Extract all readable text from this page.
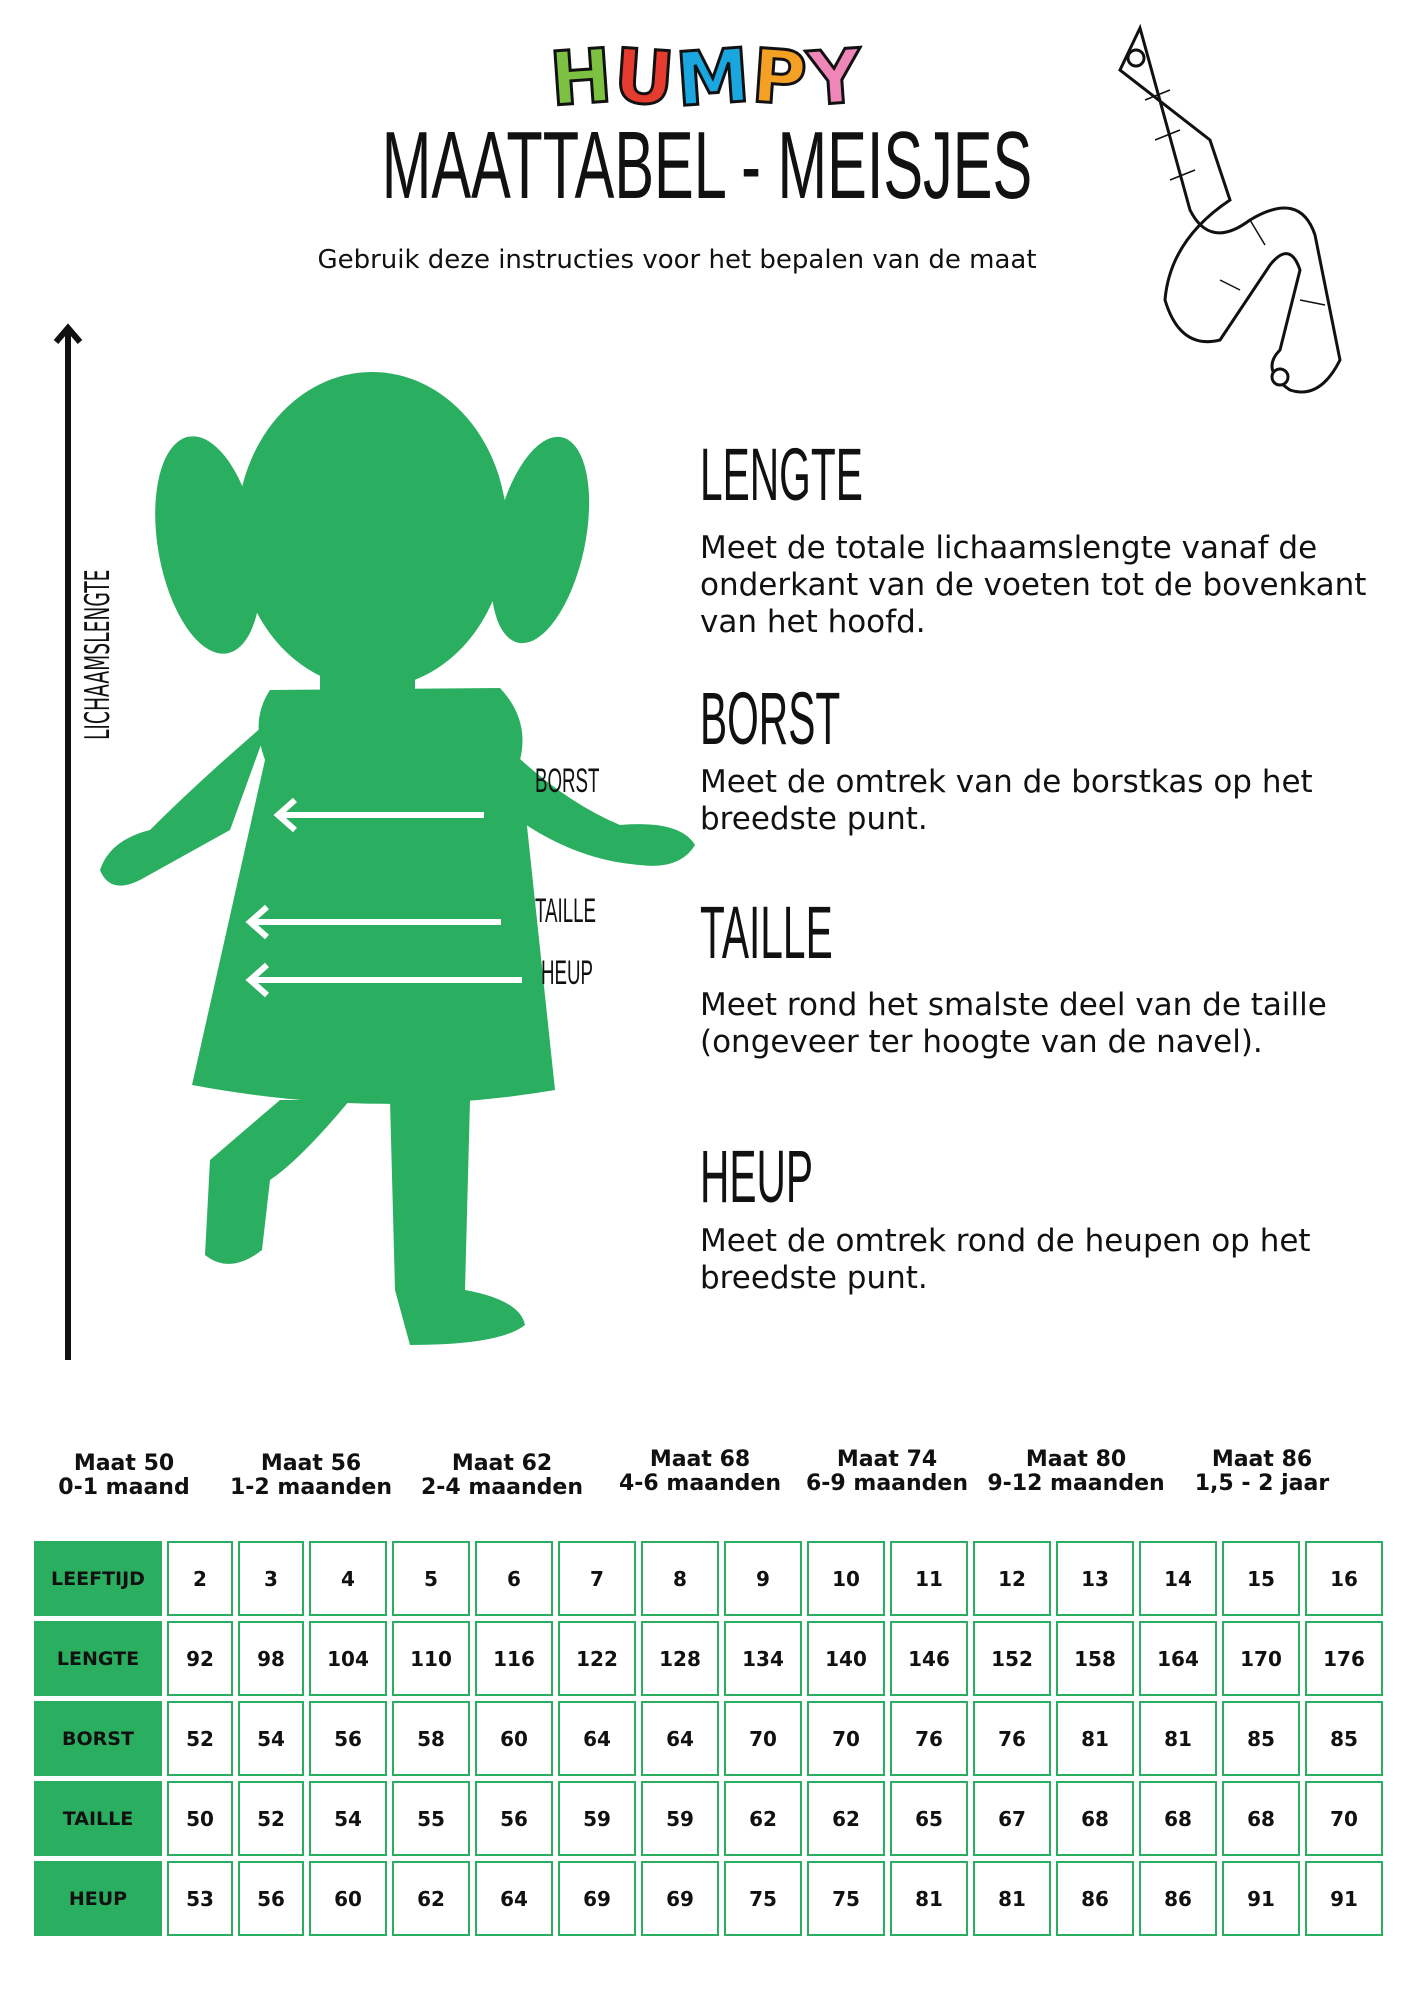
HUMPY
MAATTABEL - MEISJES
Gebruik deze instructies voor het bepalen van de maat
LICHAAMSLENGTE
BORST
TAILLE
HEUP
LENGTE
Meet de totale lichaamslengte vanaf de onderkant van de voeten tot de bovenkant van het hoofd.
BORST
Meet de omtrek van de borstkas op het breedste punt.
TAILLE
Meet rond het smalste deel van de taille (ongeveer ter hoogte van de navel).
HEUP
Meet de omtrek rond de heupen op het breedste punt.
Maat 50
0-1 maand
Maat 56
1-2 maanden
Maat 62
2-4 maanden
Maat 68
4-6 maanden
Maat 74
6-9 maanden
Maat 80
9-12 maanden
Maat 86
1,5 - 2 jaar
LEEFTIJD	2	3	4	5	6	7	8	9	10	11	12	13	14	15	16
LENGTE	92	98	104	110	116	122	128	134	140	146	152	158	164	170	176
BORST	52	54	56	58	60	64	64	70	70	76	76	81	81	85	85
TAILLE	50	52	54	55	56	59	59	62	62	65	67	68	68	68	70
HEUP	53	56	60	62	64	69	69	75	75	81	81	86	86	91	91
